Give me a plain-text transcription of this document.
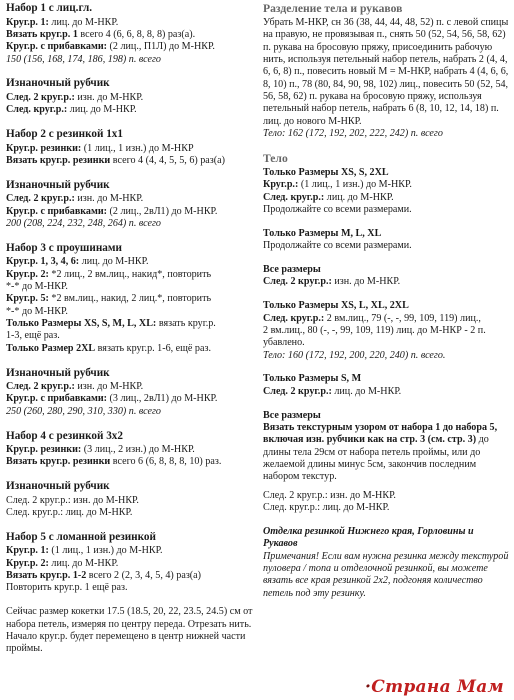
Набор 1 с лиц.гл.
Круг.р. 1: лиц. до М-НКР.
Вязать круг.р. 1 всего 4 (6, 6, 8, 8, 8) раз(а).
Круг.р. с прибавками: (2 лиц., П1Л) до М-НКР.
150 (156, 168, 174, 186, 198) п. всего
Изнаночный рубчик
След. 2 круг.р.: изн. до М-НКР.
След. круг.р.: лиц. до М-НКР.
Набор 2 с резинкой 1х1
Круг.р. резинки: (1 лиц., 1 изн.) до М-НКР
Вязать круг.р. резинки всего 4 (4, 4, 5, 5, 6) раз(а)
Изнаночный рубчик
След. 2 круг.р.: изн. до М-НКР.
Круг.р. с прибавками: (2 лиц., 2вЛ1) до М-НКР.
200 (208, 224, 232, 248, 264) п. всего
Набор 3 с проушинами
Круг.р. 1, 3, 4, 6: лиц. до М-НКР.
Круг.р. 2: *2 лиц., 2 вм.лиц., накид*, повторить
*-* до М-НКР.
Круг.р. 5: *2 вм.лиц., накид, 2 лиц.*, повторить
*-* до М-НКР.
Только Размеры XS, S, M, L, XL: вязать круг.р.
1-3, ещё раз.
Только Размер 2XL вязать круг.р. 1-6, ещё раз.
Изнаночный рубчик
След. 2 круг.р.: изн. до М-НКР.
Круг.р. с прибавками: (3 лиц., 2вЛ1) до М-НКР.
250 (260, 280, 290, 310, 330) п. всего
Набор 4 с резинкой 3х2
Круг.р. резинки: (3 лиц., 2 изн.) до М-НКР.
Вязать круг.р. резинки всего 6 (6, 8, 8, 8, 10) раз.
Изнаночный рубчик
След. 2 круг.р.: изн. до М-НКР.
След. круг.р.: лиц. до М-НКР.
Набор 5 с ломанной резинкой
Круг.р. 1: (1 лиц., 1 изн.) до М-НКР.
Круг.р. 2: лиц. до М-НКР.
Вязать круг.р. 1-2 всего 2 (2, 3, 4, 5, 4) раз(а)
Повторить круг.р. 1 ещё раз.
Сейчас размер кокетки 17.5 (18.5, 20, 22, 23.5, 24.5) см от набора петель, измеряя по центру переда. Отрезать нить. Начало круг.р. будет перемещено в центр нижней части проймы.
Разделение тела и рукавов
Убрать М-НКР, сн 36 (38, 44, 44, 48, 52) п. с левой спицы на правую, не провязывая п., снять 50 (52, 54, 56, 58, 62) п. рукава на бросовую пряжу, присоединить рабочую нить, используя петельный набор петель, набрать 2 (4, 4, 6, 6, 8) п., повесить новый М = М-НКР, набрать 4 (4, 6, 6, 8, 10) п., 78 (80, 84, 90, 98, 102) лиц., повесить 50 (52, 54, 56, 58, 62) п. рукава на бросовую пряжу, используя петельный набор петель, набрать 6 (8, 10, 12, 14, 18) п. лиц. до нового М-НКР.
Тело: 162 (172, 192, 202, 222, 242) п. всего
Тело
Только Размеры XS, S, 2XL
Круг.р.: (1 лиц., 1 изн.) до М-НКР.
След. круг.р.: лиц. до М-НКР.
Продолжайте со всеми размерами.
Только Размеры M, L, XL
Продолжайте со всеми размерами.
Все размеры
След. 2 круг.р.: изн. до М-НКР.
Только Размеры XS, L, XL, 2XL
След. круг.р.: 2 вм.лиц., 79 (-, -, 99, 109, 119) лиц.,
2 вм.лиц., 80 (-, -, 99, 109, 119) лиц. до М-НКР - 2 п. убавлено.
Тело: 160 (172, 192, 200, 220, 240) п. всего.
Только Размеры S, M
След. 2 круг.р.: лиц. до М-НКР.
Все размеры
Вязать текстурным узором от набора 1 до набора 5, включая изн. рубчики как на стр. 3 (см. стр. 3) до длины тела 29см от набора петель проймы, или до желаемой длины минус 5см, закончив последним набором текстур.
След. 2 круг.р.: изн. до М-НКР.
След. круг.р.: лиц. до М-НКР.
Отделка резинкой Нижнего края, Горловины и Рукавов
Примечания! Если вам нужна резинка между текстурой пуловера / топа и отделочной резинкой, вы можете вязать все края резинкой 2х2, подгоняя количество петель под эту резинку.
·Страна Мам
